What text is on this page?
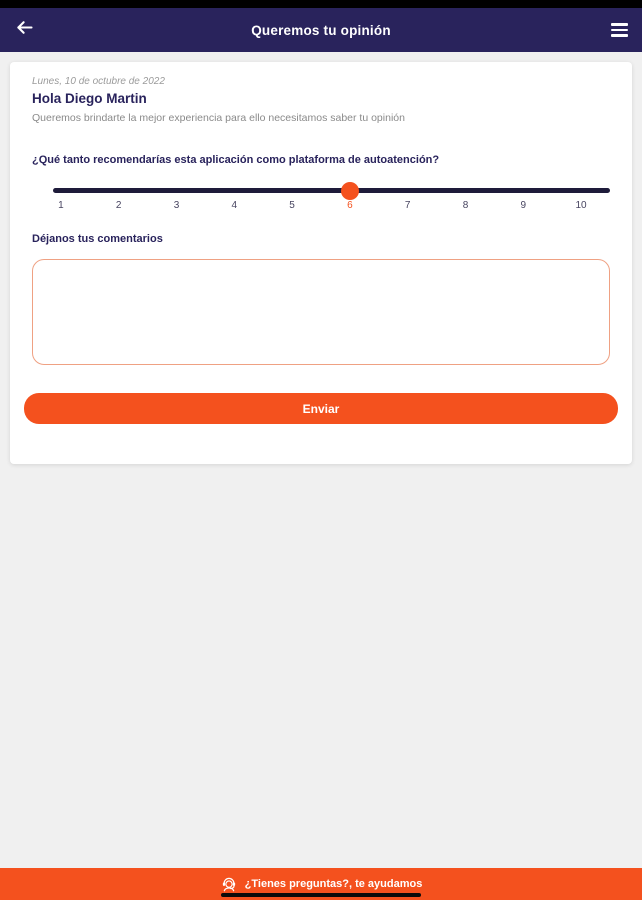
Queremos tu opinión
Lunes, 10 de octubre de 2022
Hola Diego Martin
Queremos brindarte la mejor experiencia para ello necesitamos saber tu opinión
¿Qué tanto recomendarías esta aplicación como plataforma de autoatención?
1	2	3	4	5	6	7	8	9	10
Déjanos tus comentarios
Enviar
¿Tienes preguntas?, te ayudamos
